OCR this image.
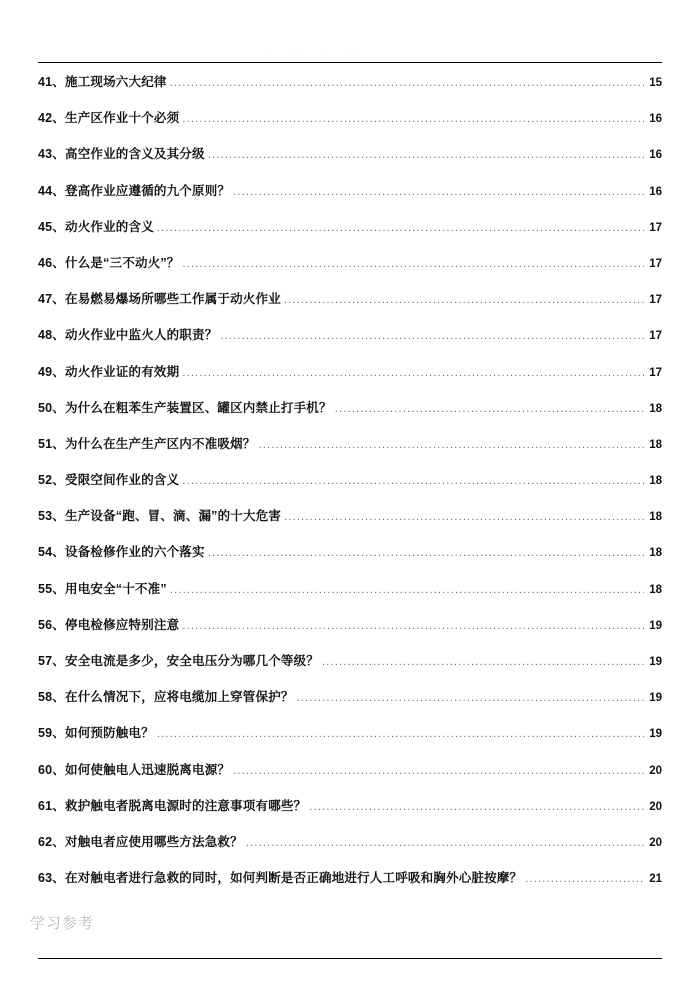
· ·· · ··
41、施工现场六大纪律 .....	15
42、生产区作业十个必须 .....	16
43、高空作业的含义及其分级 .....	16
44、登高作业应遵循的九个原则？ .....	16
45、动火作业的含义 .....	17
46、什么是“三不动火”？ .....	17
47、在易燃易爆场所哪些工作属于动火作业 .....	17
48、动火作业中监火人的职责？ .....	17
49、动火作业证的有效期 .....	17
50、为什么在粗苯生产装置区、罐区内禁止打手机？ .....	18
51、为什么在生产生产区内不准吸烟？ .....	18
52、受限空间作业的含义 .....	18
53、生产设备“跑、冒、滴、漏”的十大危害 .....	18
54、设备检修作业的六个落实 .....	18
55、用电安全“十不准” .....	18
56、停电检修应特别注意 .....	19
57、安全电流是多少，安全电压分为哪几个等级？ .....	19
58、在什么情况下，应将电缆加上穿管保护？ .....	19
59、如何预防触电？ .....	19
60、如何使触电人迅速脱离电源？ .....	20
61、救护触电者脱离电源时的注意事项有哪些？ .....	20
62、对触电者应使用哪些方法急救？ .....	20
63、在对触电者进行急救的同时，如何判断是否正确地进行人工呼吸和胸外心脏按摩？ .....	21
学习参考
